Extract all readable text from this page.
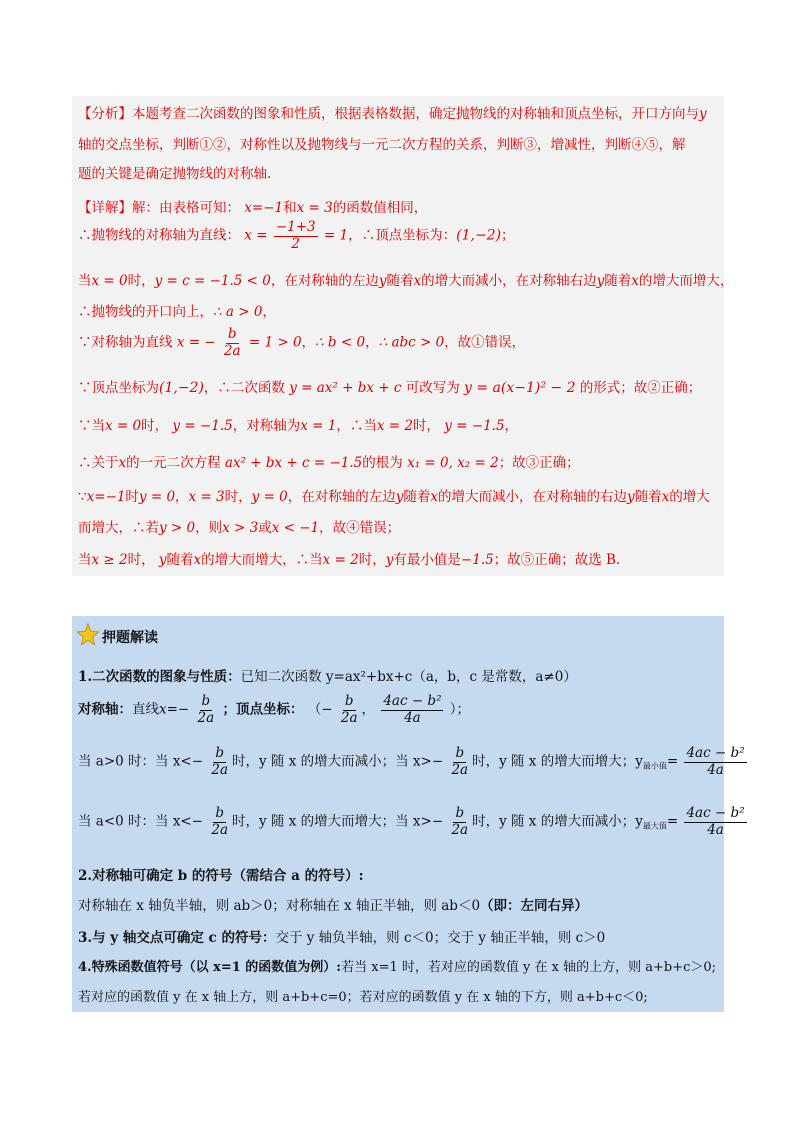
【分析】本题考查二次函数的图象和性质，根据表格数据，确定抛物线的对称轴和顶点坐标，开口方向与y
轴的交点坐标，判断①②，对称性以及抛物线与一元二次方程的关系，判断③，增减性，判断④⑤，解
题的关键是确定抛物线的对称轴.
【详解】解：由表格可知： x=−1和x = 3的函数值相同，
∴抛物线的对称轴为直线： $x = \frac{-1+3}{2} = 1$，∴顶点坐标为：(1,−2)；
当x = 0时，y = c = −1.5 < 0，在对称轴的左边y随着x的增大而减小，在对称轴右边y随着x的增大而增大，
∴抛物线的开口向上，∴ a > 0，
∵对称轴为直线 x = − $\frac{b}{2a} = 1 > 0$，∴ b < 0，∴ abc > 0，故①错误，
∵顶点坐标为(1,−2)，∴二次函数 y = ax² + bx + c 可改写为 y = a(x−1)² − 2 的形式；故②正确；
∵当x = 0时， y = −1.5，对称轴为x = 1，∴当x = 2时， y = −1.5，
∴关于x的一元二次方程 ax² + bx + c = −1.5的根为 x₁ = 0, x₂ = 2；故③正确；
∵x=−1时y = 0，x = 3时，y = 0，在对称轴的左边y随着x的增大而减小，在对称轴的右边y随着x的增大
而增大，∴若y > 0，则x > 3或x < −1，故④错误；
当x ≥ 2时， y随着x的增大而增大，∴当x = 2时，y有最小值是−1.5；故⑤正确；故选 B.
押题解读
1.二次函数的图象与性质：已知二次函数 y=ax²+bx+c（a，b，c 是常数，a≠0）
对称轴：直线$x=- \frac{b}{2a}$ ；顶点坐标： （− $\frac{b}{2a}$ ， $\frac{\text{4ac − b²}}{4a}$ ）；
当 a>0 时：当 $x<- \frac{b}{2a}$ 时，y 随 x 的增大而减小；当 $x>- \frac{b}{2a}$ 时，y 随 x 的增大而增大；$y_{最小值}= \frac{\text{4ac − b²}}{4a}$
当 a<0 时：当 $x<- \frac{b}{2a}$ 时，y 随 x 的增大而增大；当 $x>- \frac{b}{2a}$ 时，y 随 x 的增大而减小；$y_{最大值}= \frac{\text{4ac − b²}}{4a}$
2.对称轴可确定 b 的符号（需结合 a 的符号）:
对称轴在 x 轴负半轴，则 ab＞0；对称轴在 x 轴正半轴，则 ab＜0（即：左同右异）
3.与 y 轴交点可确定 c 的符号：交于 y 轴负半轴，则 c＜0；交于 y 轴正半轴，则 c＞0
4.特殊函数值符号（以 x=1 的函数值为例）:若当 x=1 时，若对应的函数值 y 在 x 轴的上方，则 a+b+c＞0;
若对应的函数值 y 在 x 轴上方，则 a+b+c=0；若对应的函数值 y 在 x 轴的下方，则 a+b+c＜0;
